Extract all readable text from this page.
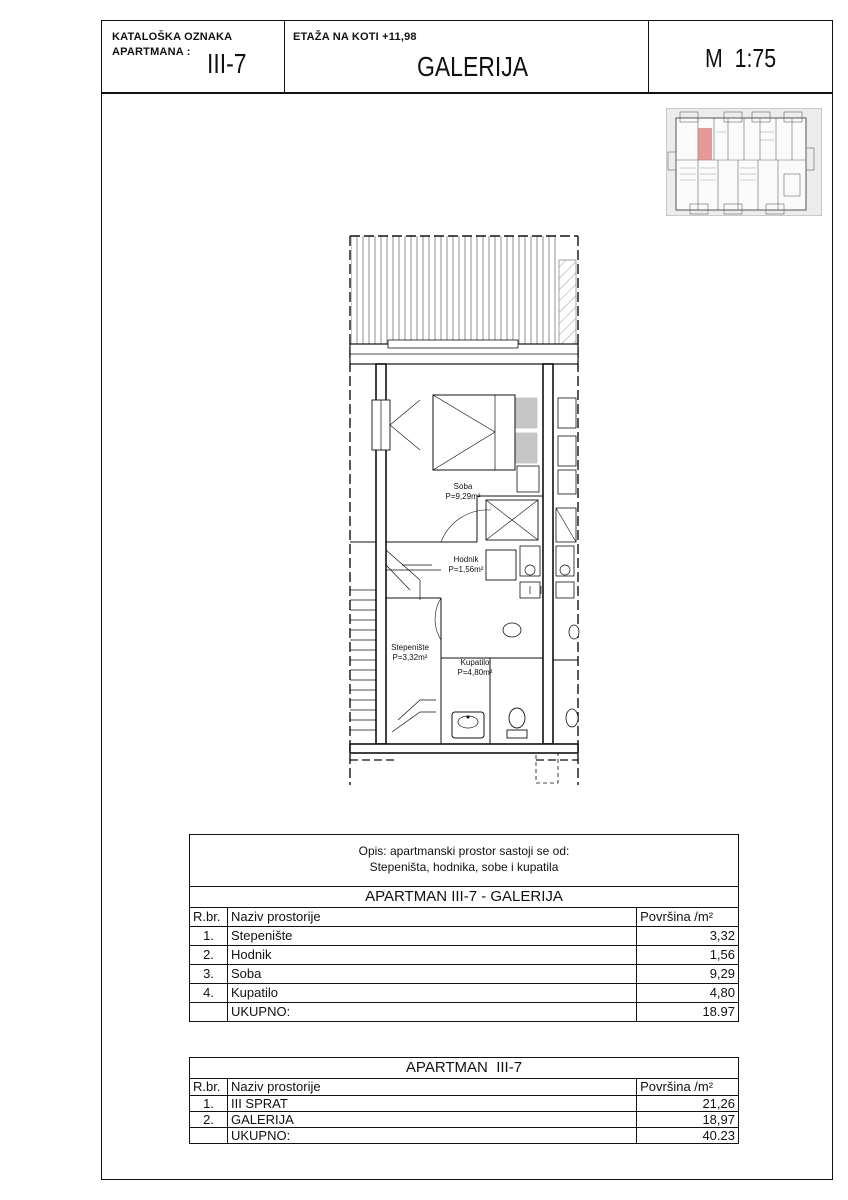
KATALOŠKA OZNAKA
APARTMANA : III-7
ETAŽA NA KOTI +11,98
GALERIJA	M  1:75
Soba
P=9,29m²
Hodnik
P=1,56m²
Stepenište
P=3,32m²
Kupatilo
P=4,80m²
Opis: apartmanski prostor sastoji se od:
Stepeništa, hodnika, sobe i kupatila
APARTMAN III-7 - GALERIJA		
R.br.	Naziv prostorije	Površina /m²
1.	Stepenište	3,32
2.	Hodnik	1,56
3.	Soba	9,29
4.	Kupatilo	4,80
	UKUPNO:	18.97
APARTMAN  III-7		
R.br.	Naziv prostorije	Površina /m²
1.	III SPRAT	21,26
2.	GALERIJA	18,97
	UKUPNO:	40.23
